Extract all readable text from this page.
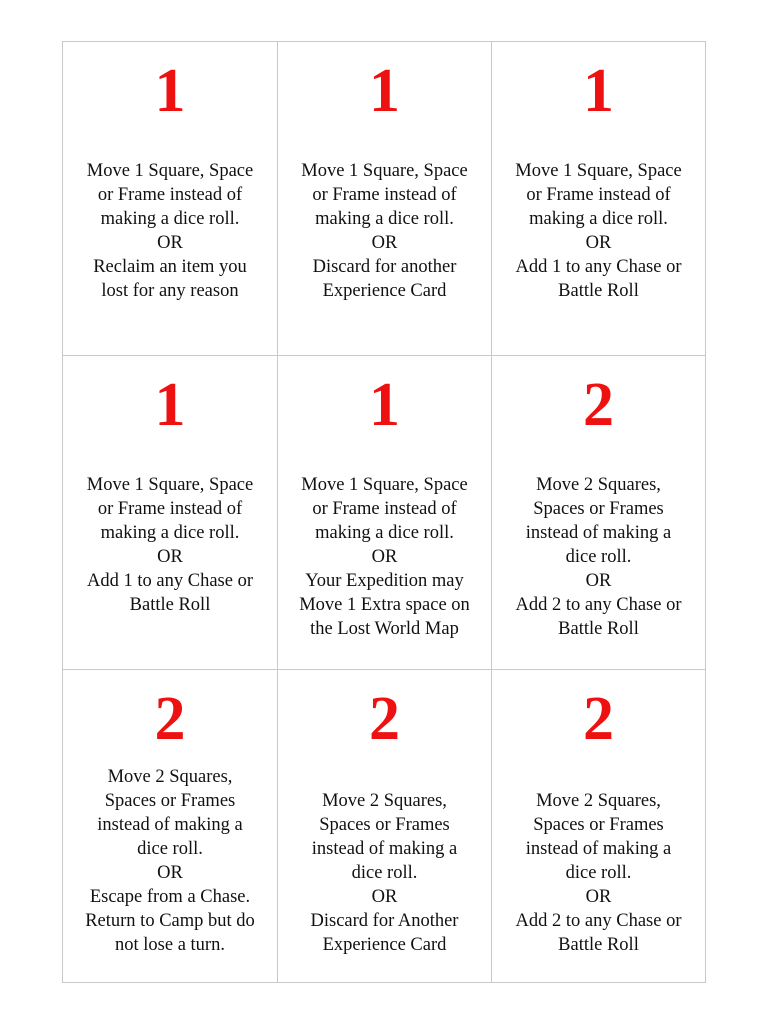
1
Move 1 Square, Space
or Frame instead of
making a dice roll.
OR
Reclaim an item you
lost for any reason
1
Move 1 Square, Space
or Frame instead of
making a dice roll.
OR
Discard for another
Experience Card
1
Move 1 Square, Space
or Frame instead of
making a dice roll.
OR
Add 1 to any Chase or
Battle Roll
1
Move 1 Square, Space
or Frame instead of
making a dice roll.
OR
Add 1 to any Chase or
Battle Roll
1
Move 1 Square, Space
or Frame instead of
making a dice roll.
OR
Your Expedition may
Move 1 Extra space on
the Lost World Map
2
Move 2 Squares,
Spaces or Frames
instead of making a
dice roll.
OR
Add 2 to any Chase or
Battle Roll
2
Move 2 Squares,
Spaces or Frames
instead of making a
dice roll.
OR
Escape from a Chase.
Return to Camp but do
not lose a turn.
2
Move 2 Squares,
Spaces or Frames
instead of making a
dice roll.
OR
Discard for Another
Experience Card
2
Move 2 Squares,
Spaces or Frames
instead of making a
dice roll.
OR
Add 2 to any Chase or
Battle Roll
